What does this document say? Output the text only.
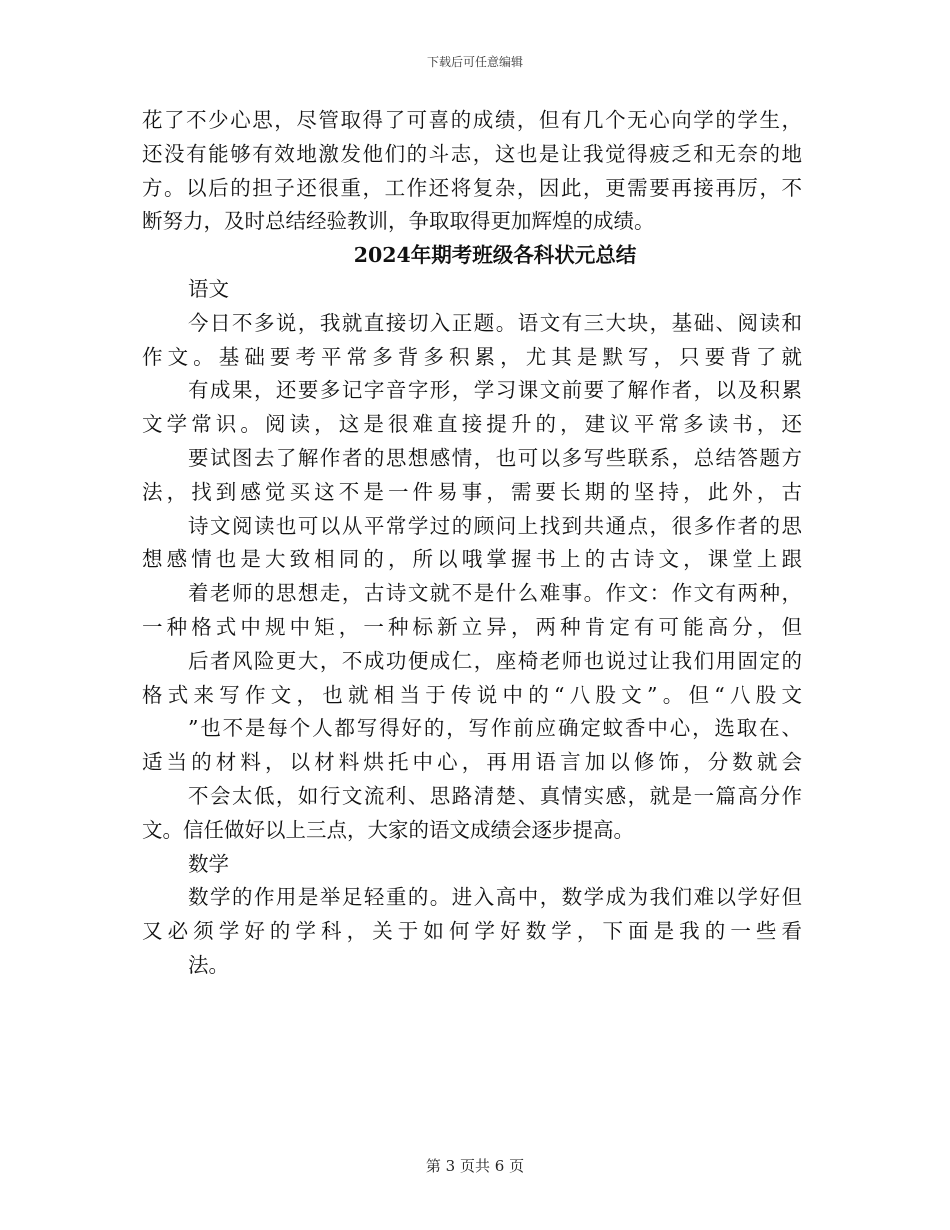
下载后可任意编辑
花了不少心思，尽管取得了可喜的成绩，但有几个无心向学的学生，
还没有能够有效地激发他们的斗志，这也是让我觉得疲乏和无奈的地
方。以后的担子还很重，工作还将复杂，因此，更需要再接再厉，不
断努力，及时总结经验教训，争取取得更加辉煌的成绩。
2024年期考班级各科状元总结
语文
今日不多说，我就直接切入正题。语文有三大块，基础、阅读和
作文。基础要考平常多背多积累，尤其是默写，只要背了就
有成果，还要多记字音字形，学习课文前要了解作者，以及积累
文学常识。阅读，这是很难直接提升的，建议平常多读书，还
要试图去了解作者的思想感情，也可以多写些联系，总结答题方
法，找到感觉买这不是一件易事，需要长期的坚持，此外，古
诗文阅读也可以从平常学过的顾问上找到共通点，很多作者的思
想感情也是大致相同的，所以哦掌握书上的古诗文，课堂上跟
着老师的思想走，古诗文就不是什么难事。作文：作文有两种，
一种格式中规中矩，一种标新立异，两种肯定有可能高分，但
后者风险更大，不成功便成仁，座椅老师也说过让我们用固定的
格式来写作文，也就相当于传说中的“八股文”。但“八股文
”也不是每个人都写得好的，写作前应确定蚊香中心，选取在、
适当的材料，以材料烘托中心，再用语言加以修饰，分数就会
不会太低，如行文流利、思路清楚、真情实感，就是一篇高分作
文。信任做好以上三点，大家的语文成绩会逐步提高。
数学
数学的作用是举足轻重的。进入高中，数学成为我们难以学好但
又必须学好的学科，关于如何学好数学，下面是我的一些看
法。
第 3 页共 6 页
